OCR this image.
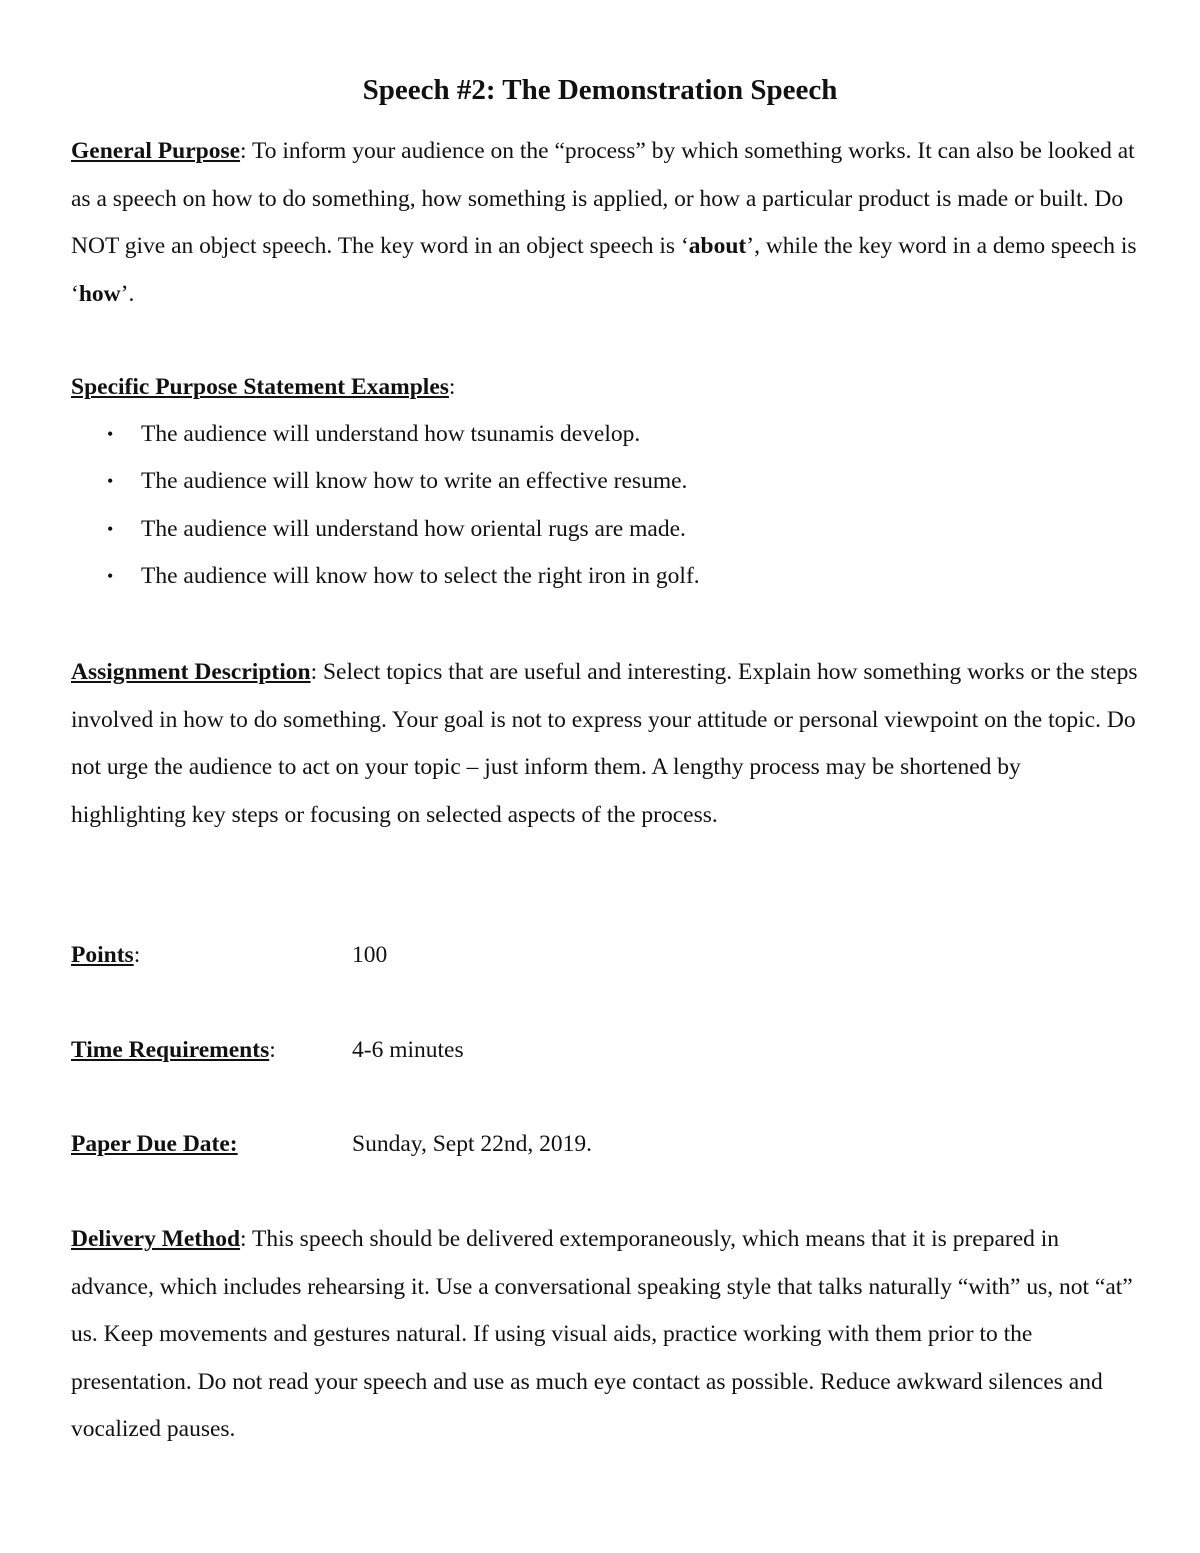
Speech #2: The Demonstration Speech

General Purpose: To inform your audience on the “process” by which something works. It can also be looked at as a speech on how to do something, how something is applied, or how a particular product is made or built. Do NOT give an object speech. The key word in an object speech is ‘about’, while the key word in a demo speech is ‘how’.

Specific Purpose Statement Examples:

• The audience will understand how tsunamis develop.
• The audience will know how to write an effective resume.
• The audience will understand how oriental rugs are made.
• The audience will know how to select the right iron in golf.

Assignment Description: Select topics that are useful and interesting. Explain how something works or the steps involved in how to do something. Your goal is not to express your attitude or personal viewpoint on the topic. Do not urge the audience to act on your topic – just inform them. A lengthy process may be shortened by highlighting key steps or focusing on selected aspects of the process.

Points:	100
Time Requirements:	4-6 minutes
Paper Due Date:	Sunday, Sept 22nd, 2019.

Delivery Method: This speech should be delivered extemporaneously, which means that it is prepared in advance, which includes rehearsing it. Use a conversational speaking style that talks naturally “with” us, not “at” us. Keep movements and gestures natural. If using visual aids, practice working with them prior to the presentation. Do not read your speech and use as much eye contact as possible. Reduce awkward silences and vocalized pauses.
